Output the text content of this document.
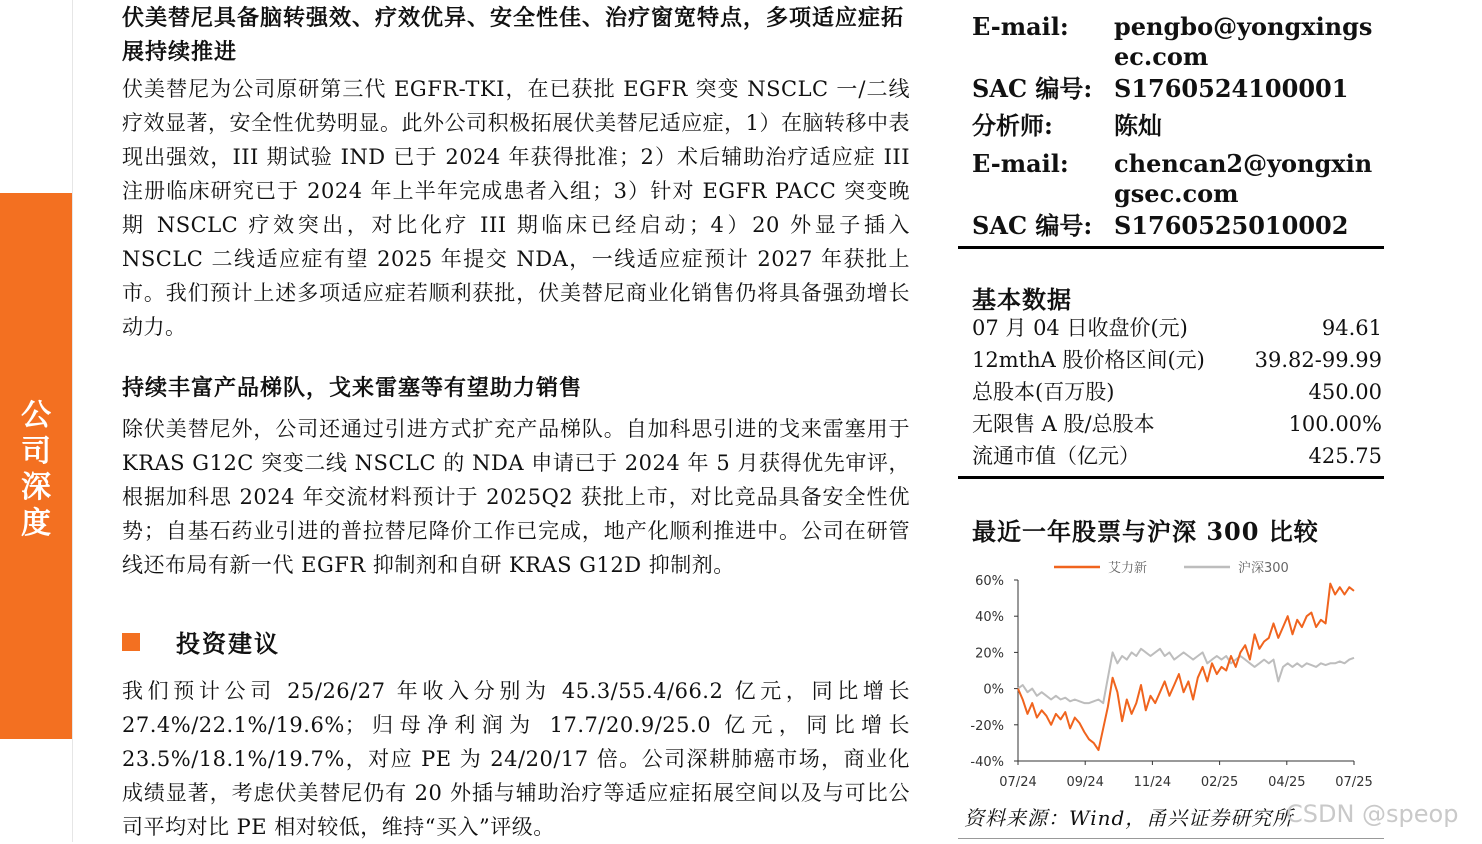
公
司
深
度
伏美替尼具备脑转强效、疗效优异、安全性佳、治疗窗宽特点，多项适应症拓展持续推进
伏美替尼为公司原研第三代 EGFR-TKI，在已获批 EGFR 突变 NSCLC 一/二线疗效显著，安全性优势明显。此外公司积极拓展伏美替尼适应症，1）在脑转移中表现出强效，III 期试验 IND 已于 2024 年获得批准；2）术后辅助治疗适应症 III 注册临床研究已于 2024 年上半年完成患者入组；3）针对 EGFR PACC 突变晚期 NSCLC 疗效突出，对比化疗 III 期临床已经启动；4）20 外显子插入 NSCLC 二线适应症有望 2025 年提交 NDA，一线适应症预计 2027 年获批上市。我们预计上述多项适应症若顺利获批，伏美替尼商业化销售仍将具备强劲增长动力。
持续丰富产品梯队，戈来雷塞等有望助力销售
除伏美替尼外，公司还通过引进方式扩充产品梯队。自加科思引进的戈来雷塞用于 KRAS G12C 突变二线 NSCLC 的 NDA 申请已于 2024 年 5 月获得优先审评，根据加科思 2024 年交流材料预计于 2025Q2 获批上市，对比竞品具备安全性优势；自基石药业引进的普拉替尼降价工作已完成，地产化顺利推进中。公司在研管线还布局有新一代 EGFR 抑制剂和自研 KRAS G12D 抑制剂。
投资建议
我们预计公司 25/26/27 年收入分别为 45.3/55.4/66.2 亿元，同比增长 27.4%/22.1%/19.6%；归母净利润为 17.7/20.9/25.0 亿元，同比增长 23.5%/18.1%/19.7%，对应 PE 为 24/20/17 倍。公司深耕肺癌市场，商业化成绩显著，考虑伏美替尼仍有 20 外插与辅助治疗等适应症拓展空间以及与可比公司平均对比 PE 相对较低，维持“买入”评级。
E-mail:	pengbo@yongxingsec.com
SAC 编号: S1760524100001
分析师:	陈灿
E-mail:	chencan2@yongxingsec.com
SAC 编号: S1760525010002
基本数据
07 月 04 日收盘价(元)	94.61
12mthA 股价格区间(元) 39.82-99.99
总股本(百万股)	450.00
无限售 A 股/总股本	100.00%
流通市值（亿元）	425.75
最近一年股票与沪深 300 比较
60%
40%
20%
0%
-20%
-40%
07/24 09/24 11/24 02/25 04/25 07/25
艾力新	沪深300
资料来源：Wind，甬兴证券研究所
CSDN @speop
